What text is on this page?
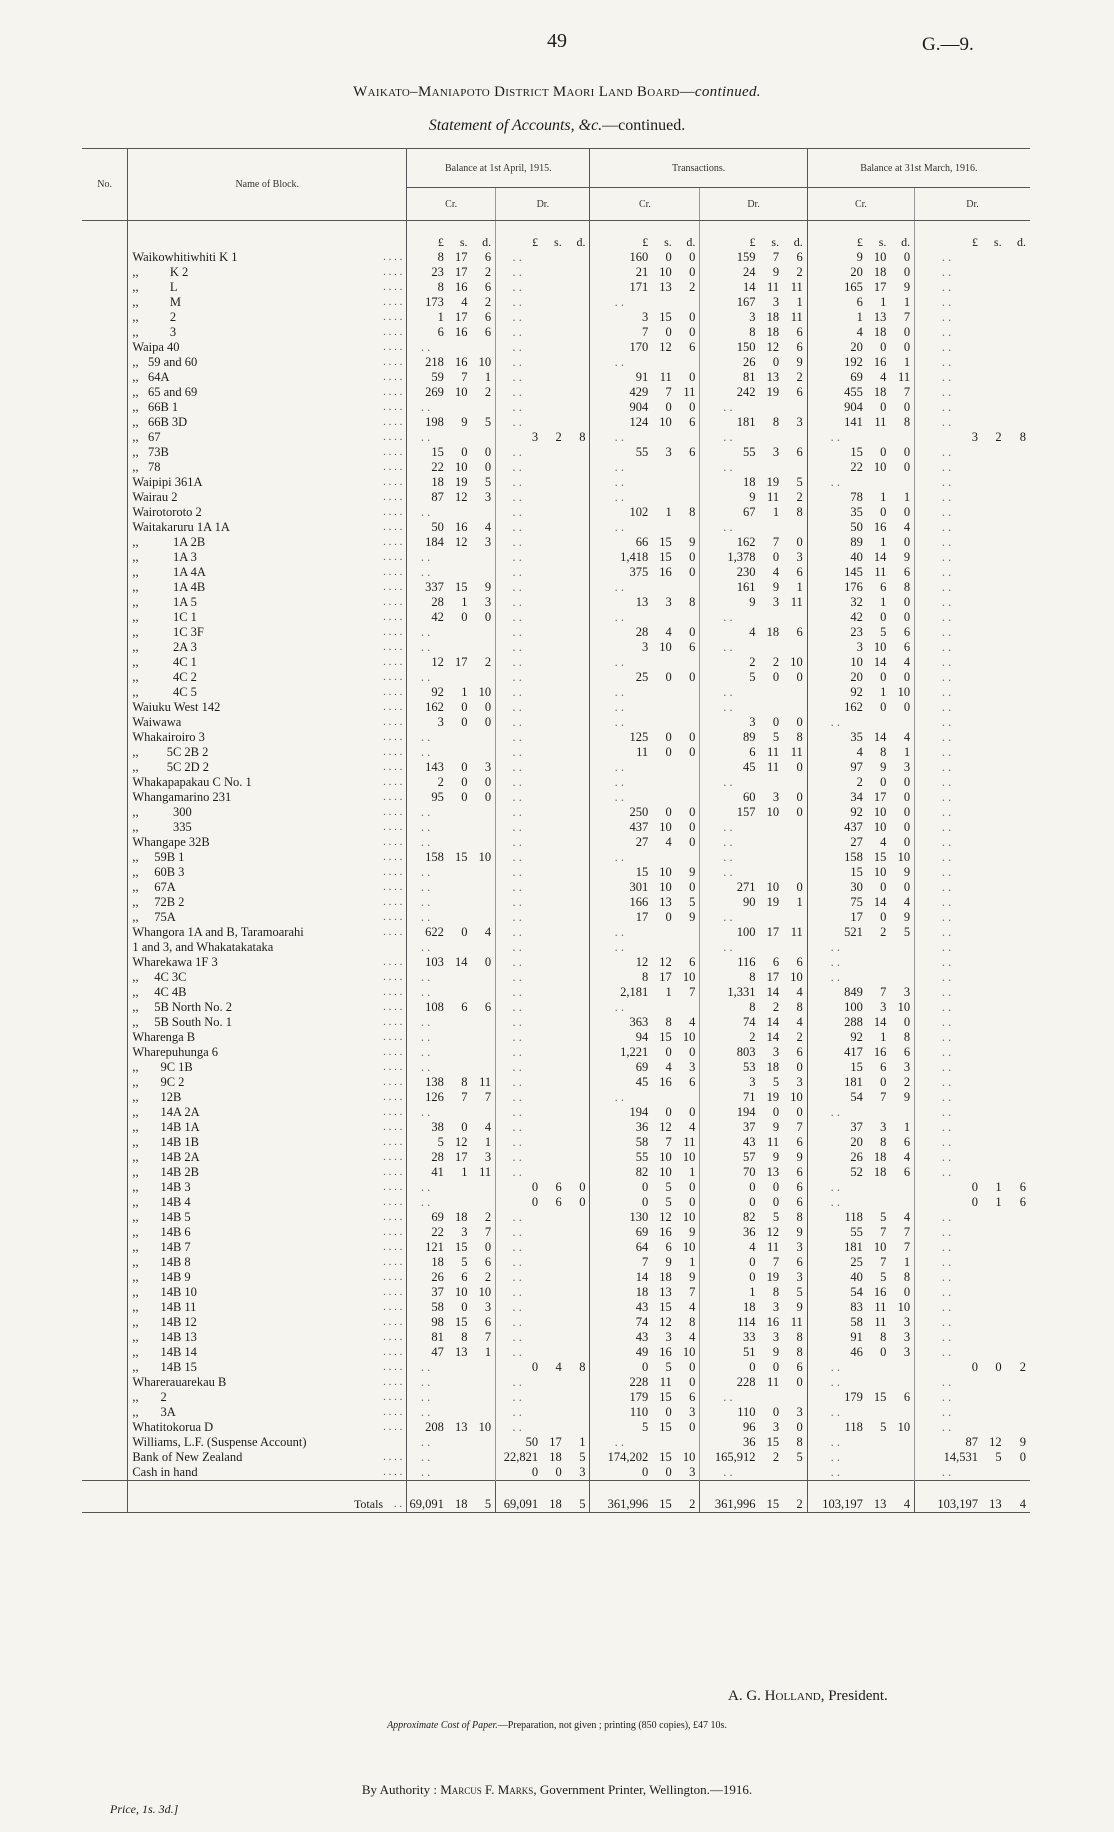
49	G.—9.
Waikato–Maniapoto District Maori Land Board—continued.
Statement of Accounts, &c.—continued.
No.	Name of Block.		Balance at 1st April, 1915.						Transactions.						Balance at 31st March, 1916.					
			Cr.			Dr.			Cr.			Dr.			Cr.			Dr.		

			£	s.	d.	£	s.	d.	£	s.	d.	£	s.	d.	£	s.	d.	£	s.	d.
	Waikowhitiwhiti K 1	. . . .	8	17	6	. .			160	0	0	159	7	6	9	10	0	. .		
	,,          K 2	. . . .	23	17	2	. .			21	10	0	24	9	2	20	18	0	. .		
	,,          L	. . . .	8	16	6	. .			171	13	2	14	11	11	165	17	9	. .		
	,,          M	. . . .	173	4	2	. .			. .			167	3	1	6	1	1	. .		
	,,          2	. . . .	1	17	6	. .			3	15	0	3	18	11	1	13	7	. .		
	,,          3	. . . .	6	16	6	. .			7	0	0	8	18	6	4	18	0	. .		
	Waipa 40	. . . .	. .			. .			170	12	6	150	12	6	20	0	0	. .		
	,,   59 and 60	. . . .	218	16	10	. .			. .			26	0	9	192	16	1	. .		
	,,   64A	. . . .	59	7	1	. .			91	11	0	81	13	2	69	4	11	. .		
	,,   65 and 69	. . . .	269	10	2	. .			429	7	11	242	19	6	455	18	7	. .		
	,,   66B 1	. . . .	. .			. .			904	0	0	. .			904	0	0	. .		
	,,   66B 3D	. . . .	198	9	5	. .			124	10	6	181	8	3	141	11	8	. .		
	,,   67	. . . .	. .			3	2	8	. .			. .			. .			3	2	8
	,,   73B	. . . .	15	0	0	. .			55	3	6	55	3	6	15	0	0	. .		
	,,   78	. . . .	22	10	0	. .			. .			. .			22	10	0	. .		
	Waipipi 361A	. . . .	18	19	5	. .			. .			18	19	5	. .			. .		
	Wairau 2	. . . .	87	12	3	. .			. .			9	11	2	78	1	1	. .		
	Wairotoroto 2	. . . .	. .			. .			102	1	8	67	1	8	35	0	0	. .		
	Waitakaruru 1A 1A	. . . .	50	16	4	. .			. .			. .			50	16	4	. .		
	,,           1A 2B	. . . .	184	12	3	. .			66	15	9	162	7	0	89	1	0	. .		
	,,           1A 3	. . . .	. .			. .			1,418	15	0	1,378	0	3	40	14	9	. .		
	,,           1A 4A	. . . .	. .			. .			375	16	0	230	4	6	145	11	6	. .		
	,,           1A 4B	. . . .	337	15	9	. .			. .			161	9	1	176	6	8	. .		
	,,           1A 5	. . . .	28	1	3	. .			13	3	8	9	3	11	32	1	0	. .		
	,,           1C 1	. . . .	42	0	0	. .			. .			. .			42	0	0	. .		
	,,           1C 3F	. . . .	. .			. .			28	4	0	4	18	6	23	5	6	. .		
	,,           2A 3	. . . .	. .			. .			3	10	6	. .			3	10	6	. .		
	,,           4C 1	. . . .	12	17	2	. .			. .			2	2	10	10	14	4	. .		
	,,           4C 2	. . . .	. .			. .			25	0	0	5	0	0	20	0	0	. .		
	,,           4C 5	. . . .	92	1	10	. .			. .			. .			92	1	10	. .		
	Waiuku West 142	. . . .	162	0	0	. .			. .			. .			162	0	0	. .		
	Waiwawa	. . . .	3	0	0	. .			. .			3	0	0	. .			. .		
	Whakairoiro 3	. . . .	. .			. .			125	0	0	89	5	8	35	14	4	. .		
	,,         5C 2B 2	. . . .	. .			. .			11	0	0	6	11	11	4	8	1	. .		
	,,         5C 2D 2	. . . .	143	0	3	. .			. .			45	11	0	97	9	3	. .		
	Whakapapakau C No. 1	. . . .	2	0	0	. .			. .			. .			2	0	0	. .		
	Whangamarino 231	. . . .	95	0	0	. .			. .			60	3	0	34	17	0	. .		
	,,           300	. . . .	. .			. .			250	0	0	157	10	0	92	10	0	. .		
	,,           335	. . . .	. .			. .			437	10	0	. .			437	10	0	. .		
	Whangape 32B	. . . .	. .			. .			27	4	0	. .			27	4	0	. .		
	,,     59B 1	. . . .	158	15	10	. .			. .			. .			158	15	10	. .		
	,,     60B 3	. . . .	. .			. .			15	10	9	. .			15	10	9	. .		
	,,     67A	. . . .	. .			. .			301	10	0	271	10	0	30	0	0	. .		
	,,     72B 2	. . . .	. .			. .			166	13	5	90	19	1	75	14	4	. .		
	,,     75A	. . . .	. .			. .			17	0	9	. .			17	0	9	. .		
	Whangora 1A and B, Taramoarahi	. . . .	622	0	4	. .			. .			100	17	11	521	2	5	. .		
	1 and 3, and Whakatakataka		. .			. .			. .			. .			. .			. .		
	Wharekawa 1F 3	. . . .	103	14	0	. .			12	12	6	116	6	6	. .			. .		
	,,     4C 3C	. . . .	. .			. .			8	17	10	8	17	10	. .			. .		
	,,     4C 4B	. . . .	. .			. .			2,181	1	7	1,331	14	4	849	7	3	. .		
	,,     5B North No. 2	. . . .	108	6	6	. .			. .			8	2	8	100	3	10	. .		
	,,     5B South No. 1	. . . .	. .			. .			363	8	4	74	14	4	288	14	0	. .		
	Wharenga B	. . . .	. .			. .			94	15	10	2	14	2	92	1	8	. .		
	Wharepuhunga 6	. . . .	. .			. .			1,221	0	0	803	3	6	417	16	6	. .		
	,,       9C 1B	. . . .	. .			. .			69	4	3	53	18	0	15	6	3	. .		
	,,       9C 2	. . . .	138	8	11	. .			45	16	6	3	5	3	181	0	2	. .		
	,,       12B	. . . .	126	7	7	. .			. .			71	19	10	54	7	9	. .		
	,,       14A 2A	. . . .	. .			. .			194	0	0	194	0	0	. .			. .		
	,,       14B 1A	. . . .	38	0	4	. .			36	12	4	37	9	7	37	3	1	. .		
	,,       14B 1B	. . . .	5	12	1	. .			58	7	11	43	11	6	20	8	6	. .		
	,,       14B 2A	. . . .	28	17	3	. .			55	10	10	57	9	9	26	18	4	. .		
	,,       14B 2B	. . . .	41	1	11	. .			82	10	1	70	13	6	52	18	6	. .		
	,,       14B 3	. . . .	. .			0	6	0	0	5	0	0	0	6	. .			0	1	6
	,,       14B 4	. . . .	. .			0	6	0	0	5	0	0	0	6	. .			0	1	6
	,,       14B 5	. . . .	69	18	2	. .			130	12	10	82	5	8	118	5	4	. .		
	,,       14B 6	. . . .	22	3	7	. .			69	16	9	36	12	9	55	7	7	. .		
	,,       14B 7	. . . .	121	15	0	. .			64	6	10	4	11	3	181	10	7	. .		
	,,       14B 8	. . . .	18	5	6	. .			7	9	1	0	7	6	25	7	1	. .		
	,,       14B 9	. . . .	26	6	2	. .			14	18	9	0	19	3	40	5	8	. .		
	,,       14B 10	. . . .	37	10	10	. .			18	13	7	1	8	5	54	16	0	. .		
	,,       14B 11	. . . .	58	0	3	. .			43	15	4	18	3	9	83	11	10	. .		
	,,       14B 12	. . . .	98	15	6	. .			74	12	8	114	16	11	58	11	3	. .		
	,,       14B 13	. . . .	81	8	7	. .			43	3	4	33	3	8	91	8	3	. .		
	,,       14B 14	. . . .	47	13	1	. .			49	16	10	51	9	8	46	0	3	. .		
	,,       14B 15	. . . .	. .			0	4	8	0	5	0	0	0	6	. .			0	0	2
	Wharerauarekau B	. . . .	. .			. .			228	11	0	228	11	0	. .			. .		
	,,       2	. . . .	. .			. .			179	15	6	. .			179	15	6	. .		
	,,       3A	. . . .	. .			. .			110	0	3	110	0	3	. .			. .		
	Whatitokorua D	. . . .	208	13	10	. .			5	15	0	96	3	0	118	5	10	. .		
	Williams, L.F. (Suspense Account)		. .			50	17	1	. .			36	15	8	. .			87	12	9
	Bank of New Zealand	. . . .	. .			22,821	18	5	174,202	15	10	165,912	2	5	. .			14,531	5	0
	Cash in hand	. . . .	. .			0	0	3	0	0	3	. .			. .			. .		
	Totals	. .	69,091	18	5	69,091	18	5	361,996	15	2	361,996	15	2	103,197	13	4	103,197	13	4
A. G. Holland, President.
Approximate Cost of Paper.—Preparation, not given ; printing (850 copies), £47 10s.
By Authority : Marcus F. Marks, Government Printer, Wellington.—1916.
Price, 1s. 3d.]
